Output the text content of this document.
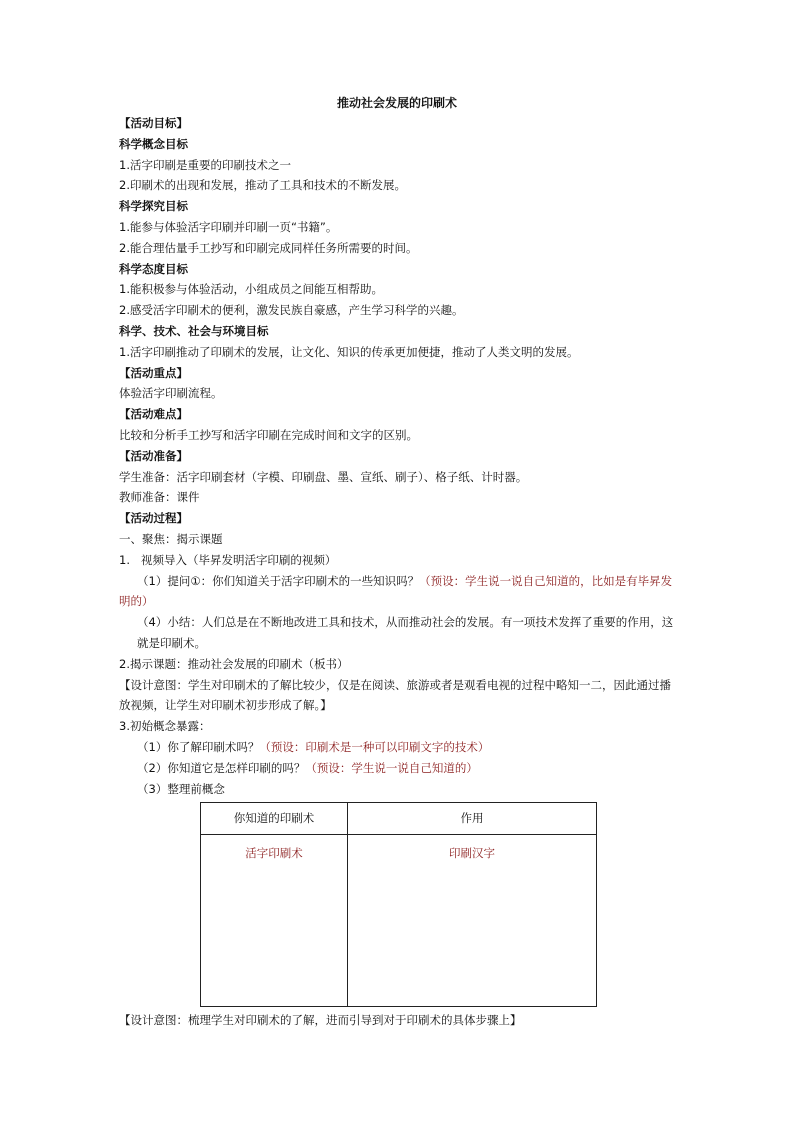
推动社会发展的印刷术
【活动目标】
科学概念目标
1.活字印刷是重要的印刷技术之一
2.印刷术的出现和发展，推动了工具和技术的不断发展。
科学探究目标
1.能参与体验活字印刷并印刷一页“书籍”。
2.能合理估量手工抄写和印刷完成同样任务所需要的时间。
科学态度目标
1.能积极参与体验活动，小组成员之间能互相帮助。
2.感受活字印刷术的便利，激发民族自豪感，产生学习科学的兴趣。
科学、技术、社会与环境目标
1.活字印刷推动了印刷术的发展，让文化、知识的传承更加便捷，推动了人类文明的发展。
【活动重点】
体验活字印刷流程。
【活动难点】
比较和分析手工抄写和活字印刷在完成时间和文字的区别。
【活动准备】
学生准备：活字印刷套材（字模、印刷盘、墨、宣纸、刷子）、格子纸、计时器。
教师准备：课件
【活动过程】
一、聚焦：揭示课题
1.   视频导入（毕昇发明活字印刷的视频）
（1）提问①：你们知道关于活字印刷术的一些知识吗？（预设：学生说一说自己知道的，比如是有毕昇发明的）
（4）小结：人们总是在不断地改进工具和技术，从而推动社会的发展。有一项技术发挥了重要的作用，这就是印刷术。
2.揭示课题：推动社会发展的印刷术（板书）
【设计意图：学生对印刷术的了解比较少，仅是在阅读、旅游或者是观看电视的过程中略知一二，因此通过播放视频，让学生对印刷术初步形成了解。】
3.初始概念暴露：
（1）你了解印刷术吗？（预设：印刷术是一种可以印刷文字的技术）
（2）你知道它是怎样印刷的吗？（预设：学生说一说自己知道的）
（3）整理前概念
你知道的印刷术	作用
活字印刷术	印刷汉字
【设计意图：梳理学生对印刷术的了解，进而引导到对于印刷术的具体步骤上】
